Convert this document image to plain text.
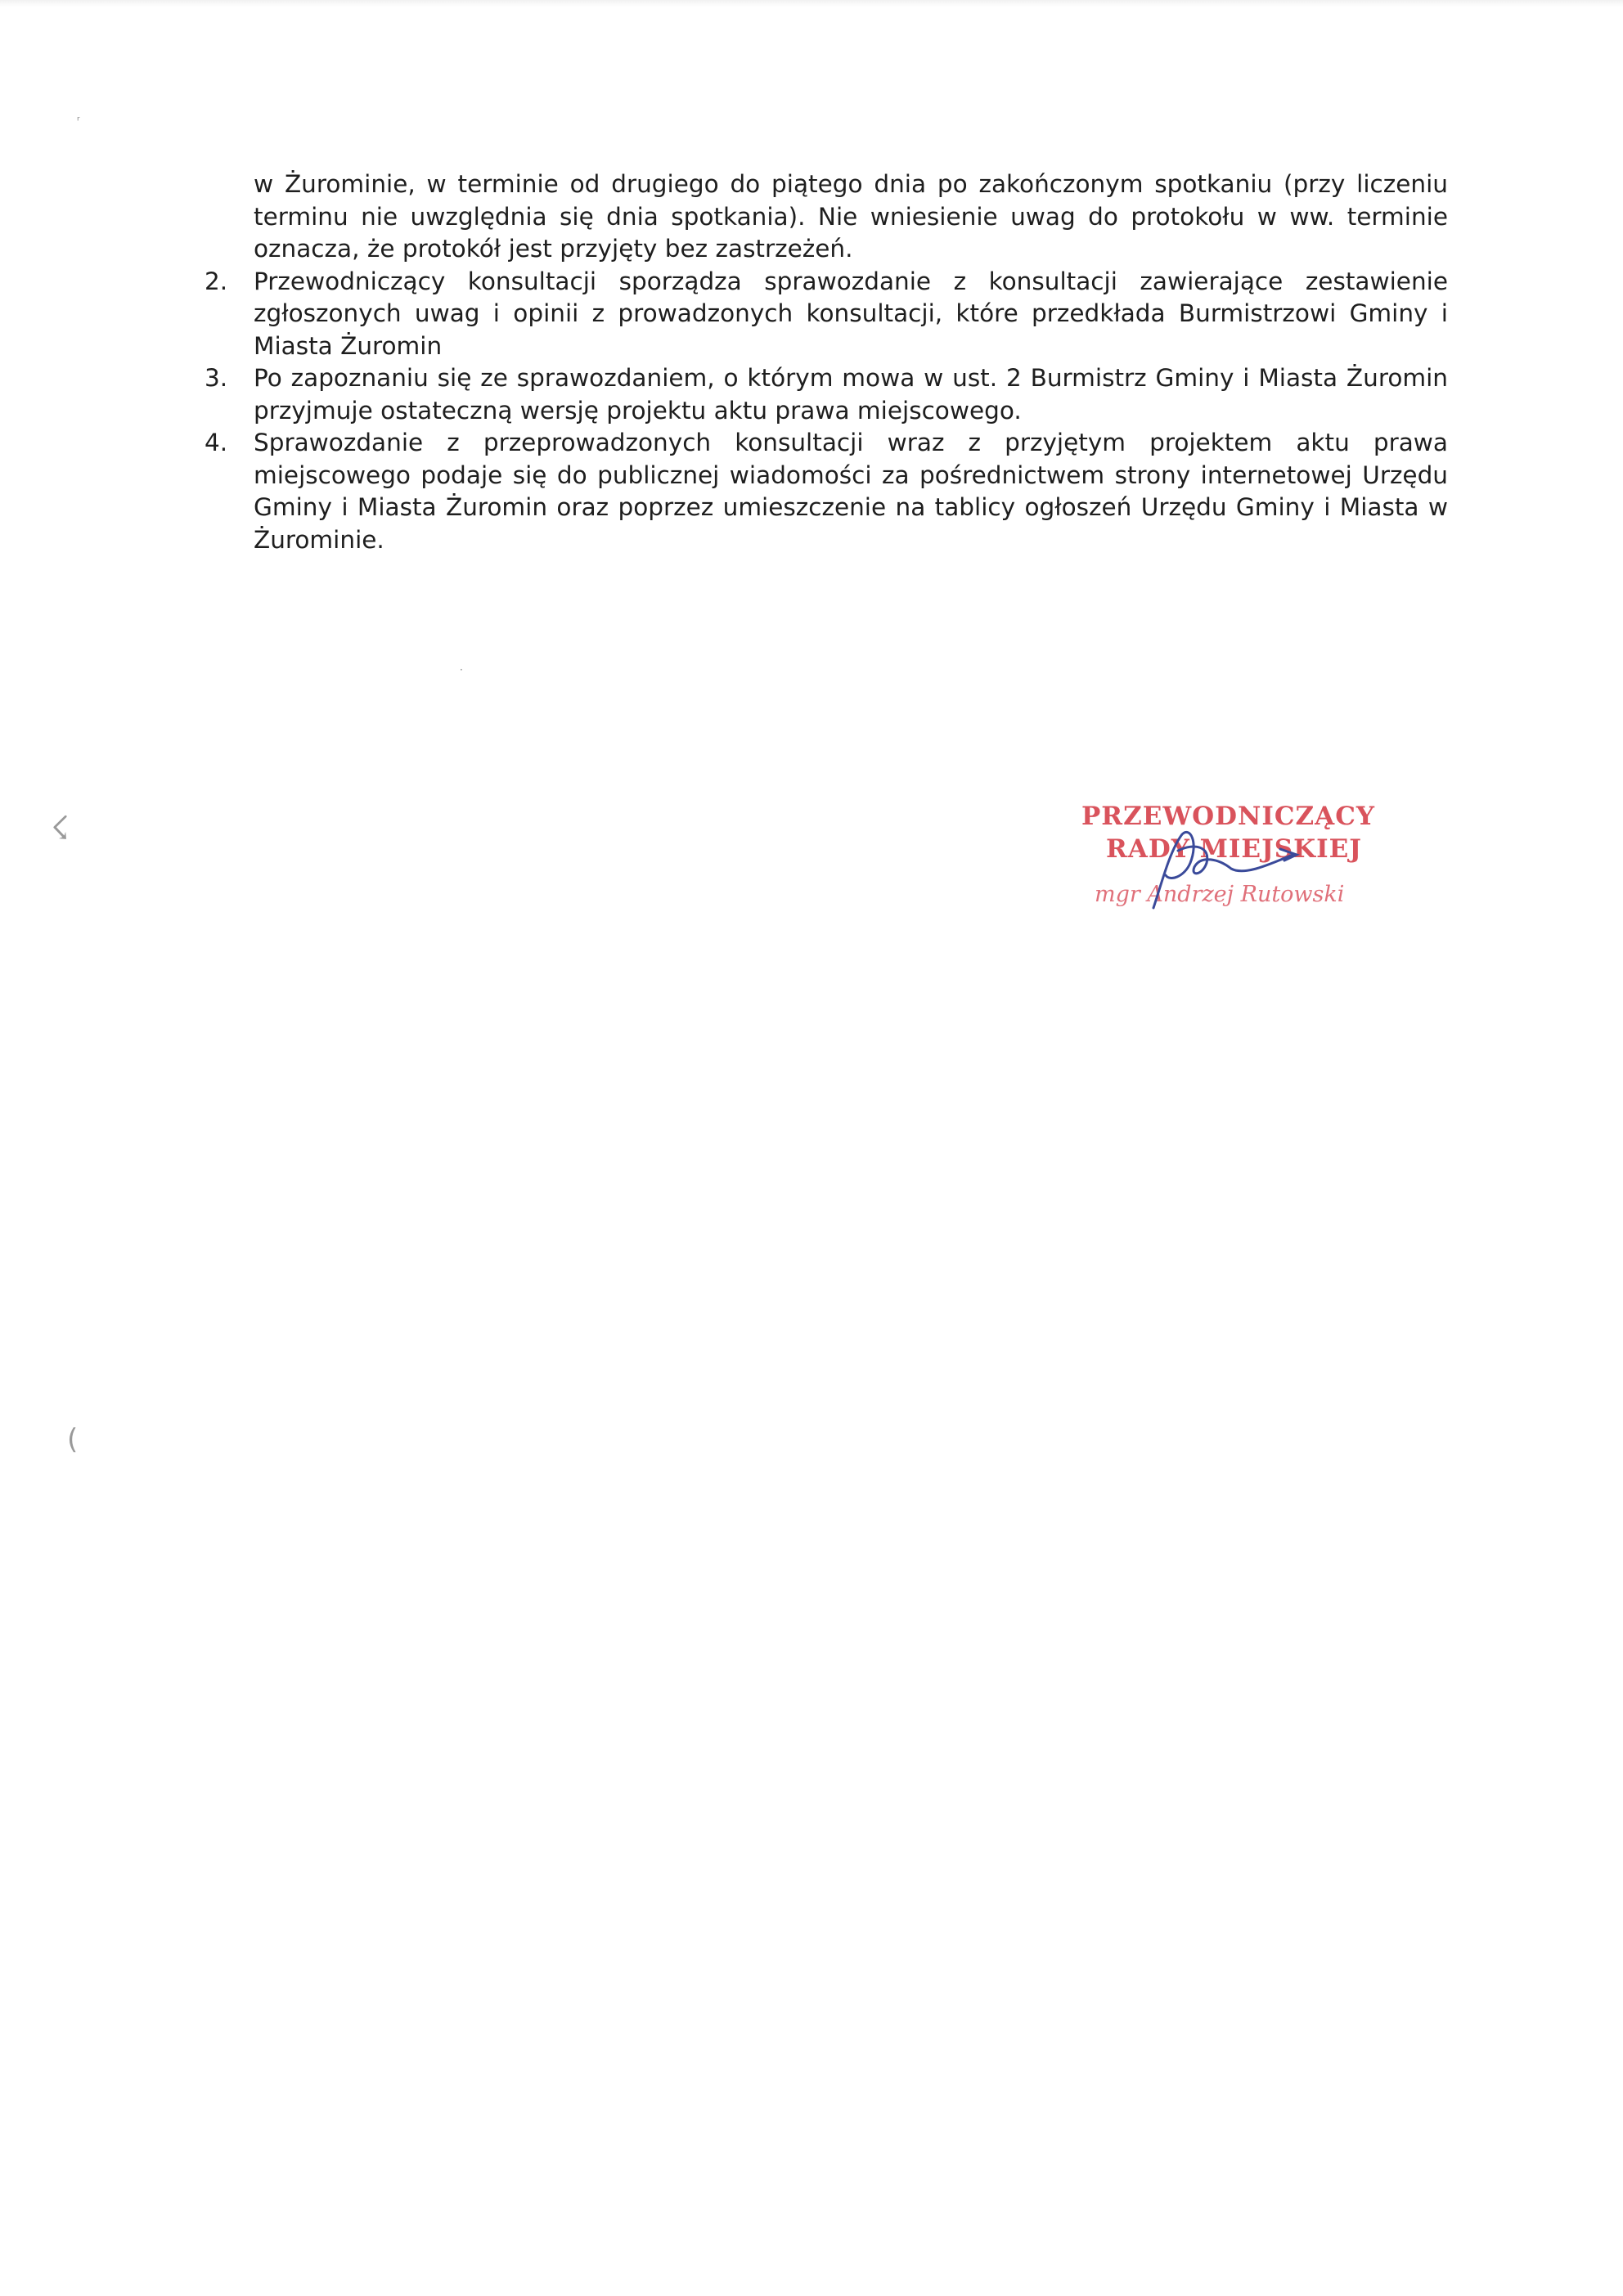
ʳ
☇
(
·

w Żurominie, w terminie od drugiego do piątego dnia po zakończonym spotkaniu (przy liczeniu terminu nie uwzględnia się dnia spotkania). Nie wniesienie uwag do protokołu w ww. terminie oznacza, że protokół jest przyjęty bez zastrzeżeń.

2. Przewodniczący konsultacji sporządza sprawozdanie z konsultacji zawierające zestawienie zgłoszonych uwag i opinii z prowadzonych konsultacji, które przedkłada Burmistrzowi Gminy i Miasta Żuromin
3. Po zapoznaniu się ze sprawozdaniem, o którym mowa w ust. 2 Burmistrz Gminy i Miasta Żuromin przyjmuje ostateczną wersję projektu aktu prawa miejscowego.
4. Sprawozdanie z przeprowadzonych konsultacji wraz z przyjętym projektem aktu prawa miejscowego podaje się do publicznej wiadomości za pośrednictwem strony internetowej Urzędu Gminy i Miasta Żuromin oraz poprzez umieszczenie na tablicy ogłoszeń Urzędu Gminy i Miasta w Żurominie.
PRZEWODNICZĄCY
RADY MIEJSKIEJ
mgr Andrzej Rutowski
